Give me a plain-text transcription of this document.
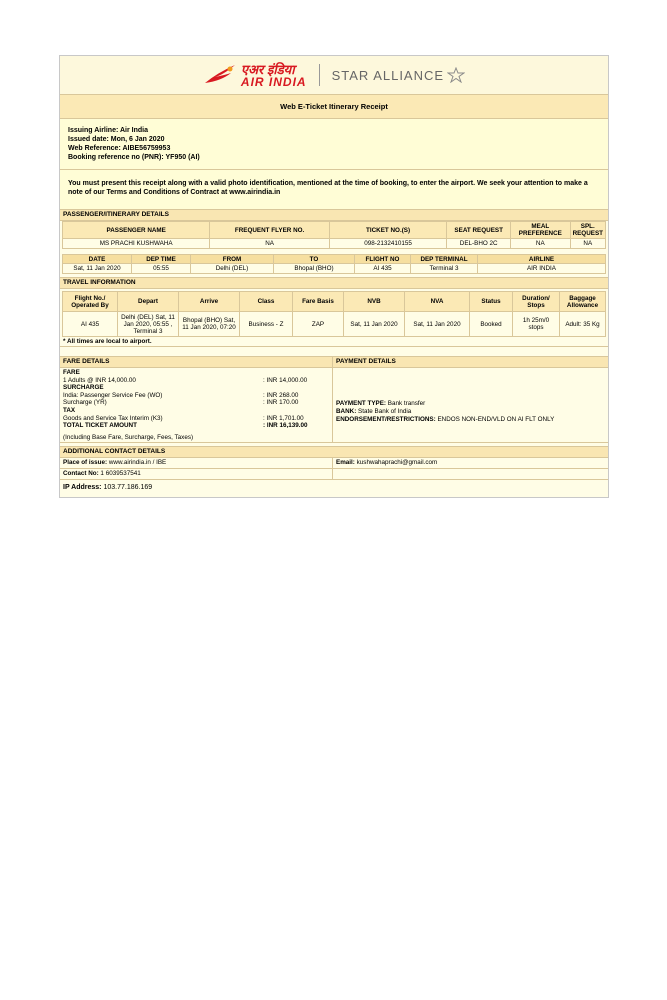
एअर इंडिया
AIR INDIA STAR ALLIANCE
Web E-Ticket Itinerary Receipt
Issuing Airline: Air India
Issued date: Mon, 6 Jan 2020
Web Reference: AIBE56759953
Booking reference no (PNR): YF950 (AI)
You must present this receipt along with a valid photo identification, mentioned at the time of booking, to enter the airport. We seek your attention to make a note of our Terms and Conditions of Contract at www.airindia.in
PASSENGER/ITINERARY DETAILS
PASSENGER NAME	FREQUENT FLYER NO.	TICKET NO.(S)	SEAT REQUEST	MEAL PREFERENCE	SPL. REQUEST
MS PRACHI KUSHWAHA	NA	098-2132410155	DEL-BHO 2C	NA	NA
DATE	DEP TIME	FROM	TO	FLIGHT NO	DEP TERMINAL	AIRLINE
Sat, 11 Jan 2020	05:55	Delhi (DEL)	Bhopal (BHO)	AI 435	Terminal 3	AIR INDIA
TRAVEL INFORMATION
Flight No./ Operated By	Depart	Arrive	Class	Fare Basis	NVB	NVA	Status	Duration/ Stops	Baggage Allowance
AI 435	Delhi (DEL) Sat, 11 Jan 2020, 05:55 , Terminal 3	Bhopal (BHO) Sat, 11 Jan 2020, 07:20	Business - Z	ZAP	Sat, 11 Jan 2020	Sat, 11 Jan 2020	Booked	1h 25m/0 stops	Adult: 35 Kg
* All times are local to airport.
FARE DETAILS
FARE
1 Adults @ INR 14,000.00	: INR 14,000.00
SURCHARGE
India: Passenger Service Fee (WO)	: INR 268.00
Surcharge (YR)	: INR 170.00
TAX
Goods and Service Tax Interim (K3)	: INR 1,701.00
TOTAL TICKET AMOUNT	: INR 16,139.00
(Including Base Fare, Surcharge, Fees, Taxes)
PAYMENT DETAILS
PAYMENT TYPE: Bank transfer
BANK: State Bank of India
ENDORSEMENT/RESTRICTIONS: ENDOS NON-END/VLD ON AI FLT ONLY
ADDITIONAL CONTACT DETAILS
Place of issue: www.airindia.in / IBE	Email: kushwahaprachi@gmail.com
Contact No: 1 6039537541
IP Address: 103.77.186.169
